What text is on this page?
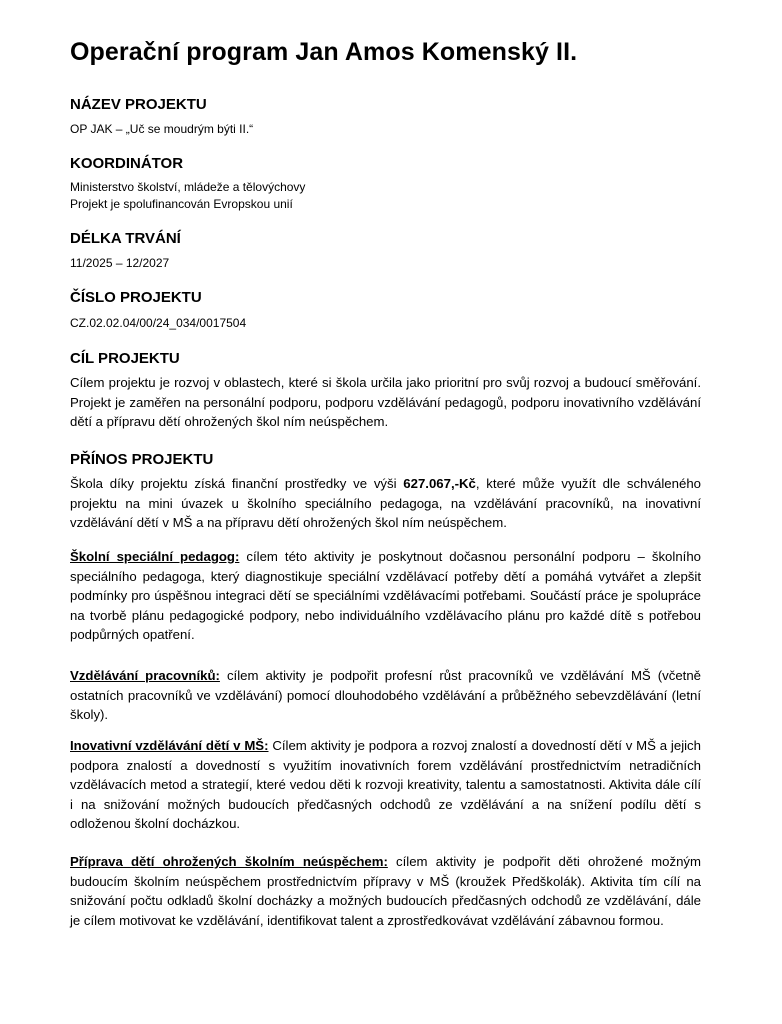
Operační program Jan Amos Komenský II.
NÁZEV PROJEKTU
OP JAK – „Uč se moudrým býti II.“
KOORDINÁTOR
Ministerstvo školství, mládeže a tělovýchovy
Projekt je spolufinancován Evropskou unií
DÉLKA TRVÁNÍ
11/2025 – 12/2027
ČÍSLO PROJEKTU
CZ.02.02.04/00/24_034/0017504
CÍL PROJEKTU
Cílem projektu je rozvoj v oblastech, které si škola určila jako prioritní pro svůj rozvoj a budoucí směřování. Projekt je zaměřen na personální podporu, podporu vzdělávání pedagogů, podporu inovativního vzdělávání dětí a přípravu dětí ohrožených škol ním neúspěchem.
PŘÍNOS PROJEKTU
Škola díky projektu získá finanční prostředky ve výši 627.067,-Kč, které může využít dle schváleného projektu na mini úvazek u školního speciálního pedagoga, na vzdělávání pracovníků, na inovativní vzdělávání dětí v MŠ a na přípravu dětí ohrožených škol ním neúspěchem.
Školní speciální pedagog: cílem této aktivity je poskytnout dočasnou personální podporu – školního speciálního pedagoga, který diagnostikuje speciální vzdělávací potřeby dětí a pomáhá vytvářet a zlepšit podmínky pro úspěšnou integraci dětí se speciálními vzdělávacími potřebami. Součástí práce je spolupráce na tvorbě plánu pedagogické podpory, nebo individuálního vzdělávacího plánu pro každé dítě s potřebou podpůrných opatření.
Vzdělávání pracovníků: cílem aktivity je podpořit profesní růst pracovníků ve vzdělávání MŠ (včetně ostatních pracovníků ve vzdělávání) pomocí dlouhodobého vzdělávání a průběžného sebevzdělávání (letní školy).
Inovativní vzdělávání dětí v MŠ: Cílem aktivity je podpora a rozvoj znalostí a dovedností dětí v MŠ a jejich podpora znalostí a dovedností s využitím inovativních forem vzdělávání prostřednictvím netradičních vzdělávacích metod a strategií, které vedou děti k rozvoji kreativity, talentu a samostatnosti. Aktivita dále cílí i na snižování možných budoucích předčasných odchodů ze vzdělávání a na snížení podílu dětí s odloženou školní docházkou.
Příprava dětí ohrožených školním neúspěchem: cílem aktivity je podpořit děti ohrožené možným budoucím školním neúspěchem prostřednictvím přípravy v MŠ (kroužek Předškolák). Aktivita tím cílí na snižování počtu odkladů školní docházky a možných budoucích předčasných odchodů ze vzdělávání, dále je cílem motivovat ke vzdělávání, identifikovat talent a zprostředkovávat vzdělávání zábavnou formou.
